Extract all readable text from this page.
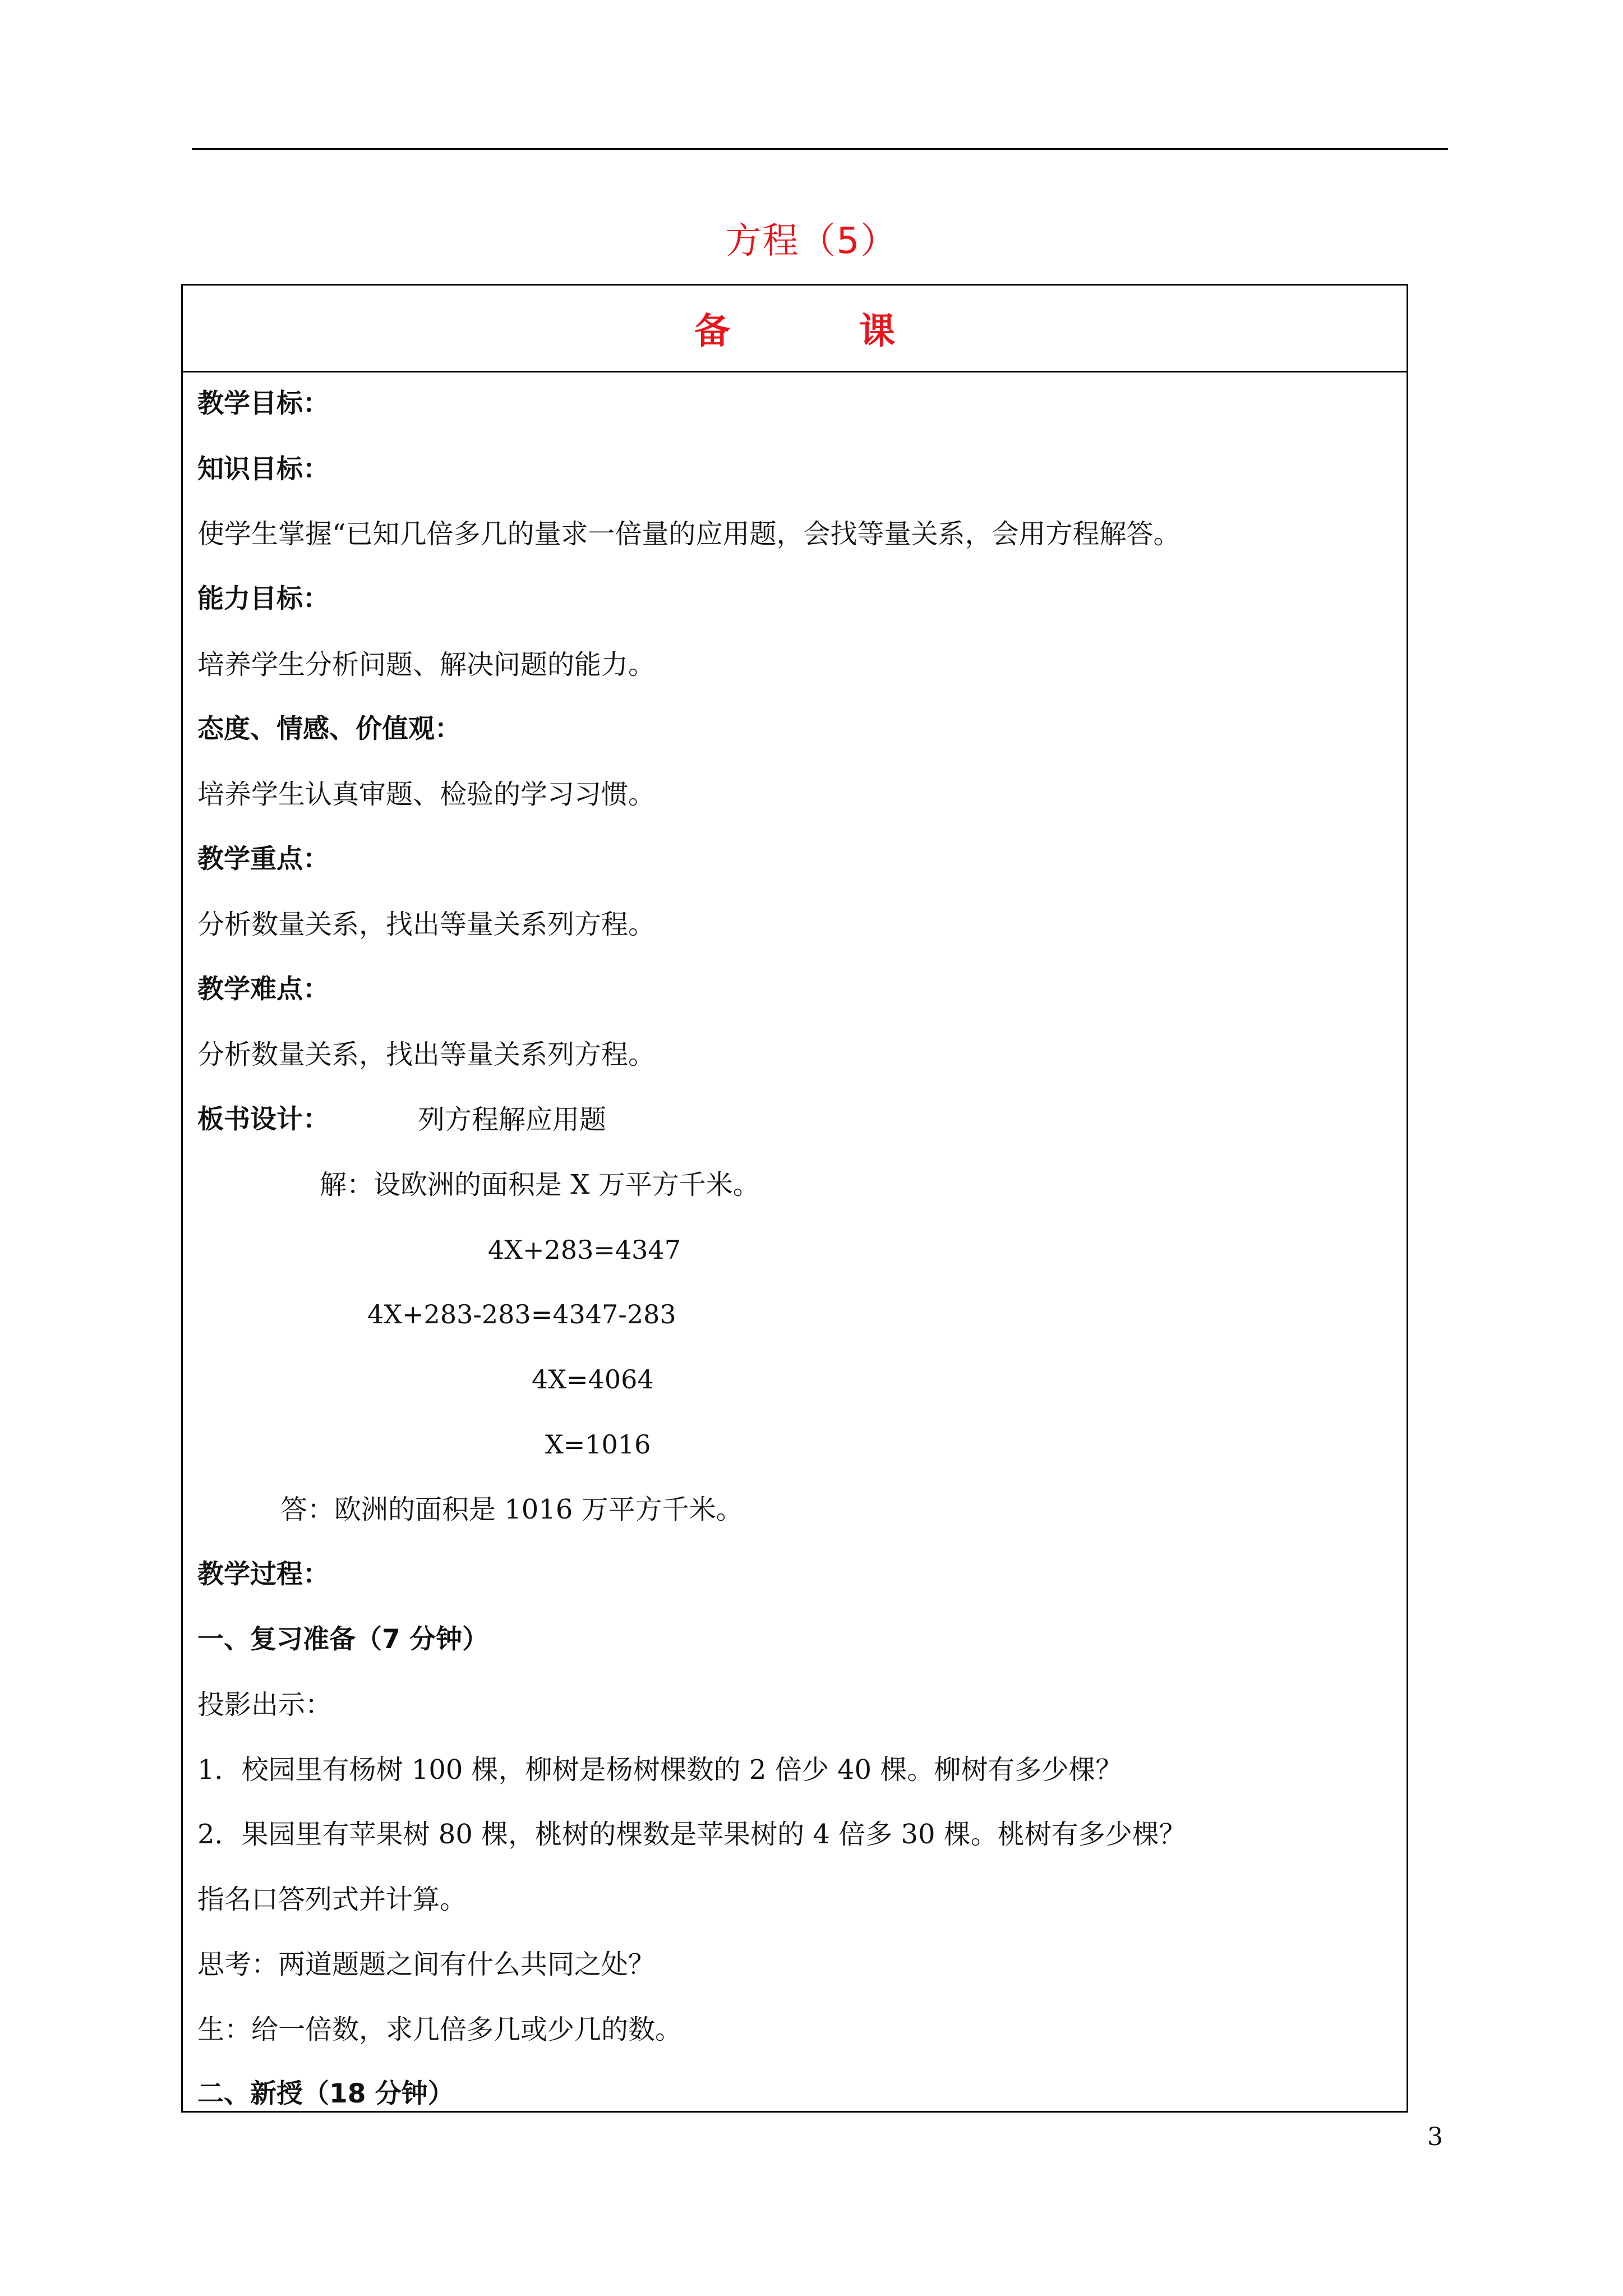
方程（5）
备	课
教学目标：
知识目标：
使学生掌握“已知几倍多几的量求一倍量的应用题，会找等量关系，会用方程解答。
能力目标：
培养学生分析问题、解决问题的能力。
态度、情感、价值观：
培养学生认真审题、检验的学习习惯。
教学重点：
分析数量关系，找出等量关系列方程。
教学难点：
分析数量关系，找出等量关系列方程。
板书设计：	列方程解应用题
解：设欧洲的面积是 X 万平方千米。
4X+283=4347
4X+283-283=4347-283
4X=4064
X=1016
答：欧洲的面积是 1016 万平方千米。
教学过程：
一、复习准备（7 分钟）
投影出示：
1．校园里有杨树 100 棵，柳树是杨树棵数的 2 倍少 40 棵。柳树有多少棵？
2．果园里有苹果树 80 棵，桃树的棵数是苹果树的 4 倍多 30 棵。桃树有多少棵？
指名口答列式并计算。
思考：两道题题之间有什么共同之处？
生：给一倍数，求几倍多几或少几的数。
二、新授（18 分钟）
3
